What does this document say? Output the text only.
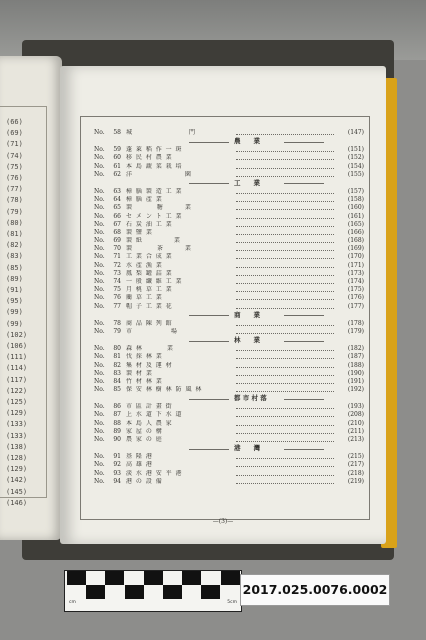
(66)
(69)
(71)
(74)
(75)
(76)
(77)
(78)
(79)
(80)
(81)
(82)
(83)
(85)
(89)
(91)
(95)
(99)
(99)
(102)
(106)
(111)
(114)
(117)
(122)
(125)
(129)
(133)
(133)
(138)
(128)
(129)
(142)
(145)
(146)
No.	58 城　　　　　　　　門	(147)
農　　業
No.	59 蓬 萊 稻 作 一 斑	(151)
No.	60 移 民 村 農 業	(152)
No.	61 本 島 蔬 菜 栽 培	(154)
No.	62 洋　　　　　　　 園	(155)
工　　業
No.	63 樟 腦 製 造 工 業	(157)
No.	64 樟 腦 產 業	(158)
No.	65 製　　　 糖　　　業	(160)
No.	66 セ メ ン ト 工 業	(161)
No.	67 石 炭 油 工 業	(165)
No.	68 製 鹽 業	(166)
No.	69 製 紙　　　　 業	(168)
No.	70 製　　　 茶　　　業	(169)
No.	71 工 業 合 成 業	(170)
No.	72 水 產 漁 業	(171)
No.	73 鳳 梨 罐 詰 業	(173)
No.	74 一 般 纖 維 工 業	(174)
No.	75 月 桃 草 工 業	(175)
No.	76 藺 草 工 業	(176)
No.	77 帽 子 工 業 花	(177)
商　　業
No.	78 商 品 陳 列 館	(178)
No.	79 市　　　　　 場	(179)
林　　業
No.	80 森 林　　　 業	(182)
No.	81 伐 採 林 業	(187)
No.	82 集 材 及 運 材	(188)
No.	83 製 材 業	(190)
No.	84 竹 材 林 業	(191)
No.	85 保 安 林 樹 林 防 風 林	(192)
都 市 村 落
No.	86 市 區 計 畫 街	(193)
No.	87 上 水 道 下 水 道	(208)
No.	88 本 島 人 農 家	(210)
No.	89 家 屋 の 構	(211)
No.	90 農 家 の 庭	(213)
港　　灣
No.	91 基 隆 港	(215)
No.	92 高 雄 港	(217)
No.	93 淡 水 港 安 平 港	(218)
No.	94 港 の 設 備	(219)
—(3)—
cm	5cm
2017.025.0076.0002
